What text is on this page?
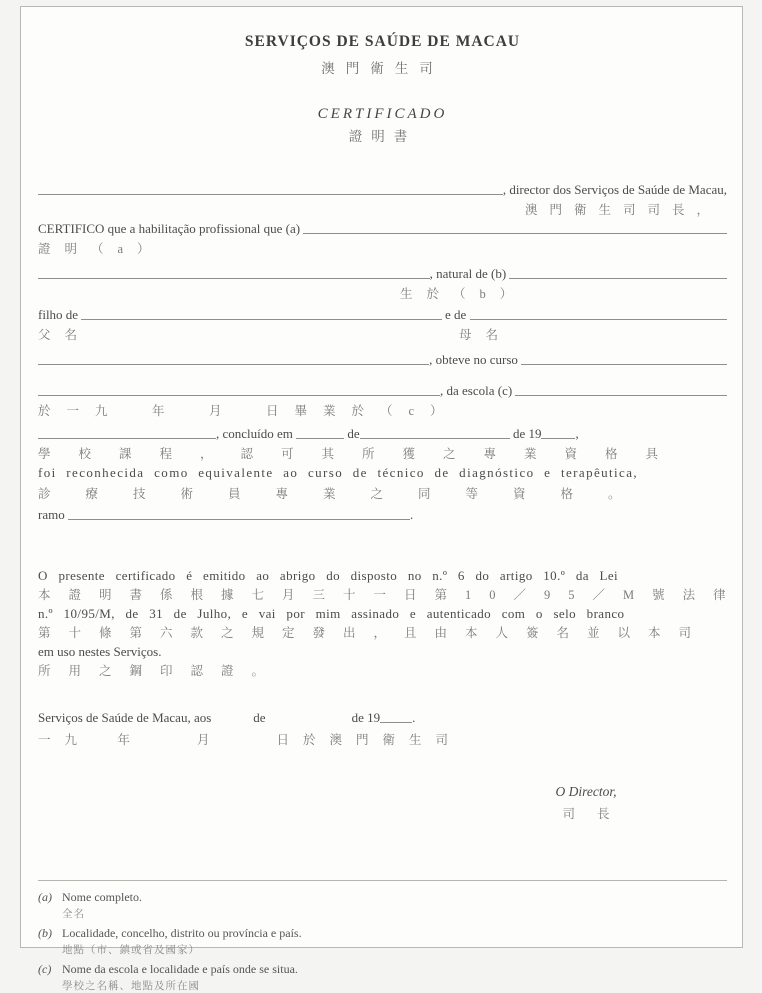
SERVIÇOS DE SAÚDE DE MACAU
澳門衛生司
CERTIFICADO
證明書
, director dos Serviços de Saúde de Macau,
澳門衛生司司長，
CERTIFICO que a habilitação profissional que (a)
證明（a）
, natural de (b)
生於（b）
filho de	e de
父名	母名
, obteve no curso
, da escola (c)
於一九　年　月　日畢業於（c）
, concluído em	de	de 19	,
學校課程，認可其所獲之專業資格具
foi reconhecida como equivalente ao curso de técnico de diagnóstico e terapêutica,
診療技術員專業之同等資格。
ramo	.
O presente certificado é emitido ao abrigo do disposto no n.º 6 do artigo 10.º da Lei
本證明書係根據七月三十一日第10／95／M號法律
n.º 10/95/M, de 31 de Julho, e vai por mim assinado e autenticado com o selo branco
第十條第六款之規定發出，且由本人簽名並以本司
em uso nestes Serviços.
所用之鋼印認證。
Serviços de Saúde de Macau, aos	de	de 19 .
一九　年　　月　　日於澳門衛生司
O Director,
司長
(a) Nome completo.
全名
(b) Localidade, concelho, distrito ou província e país.
地點（市、鎮或省及國家）
(c) Nome da escola e localidade e país onde se situa.
學校之名稱、地點及所在國
